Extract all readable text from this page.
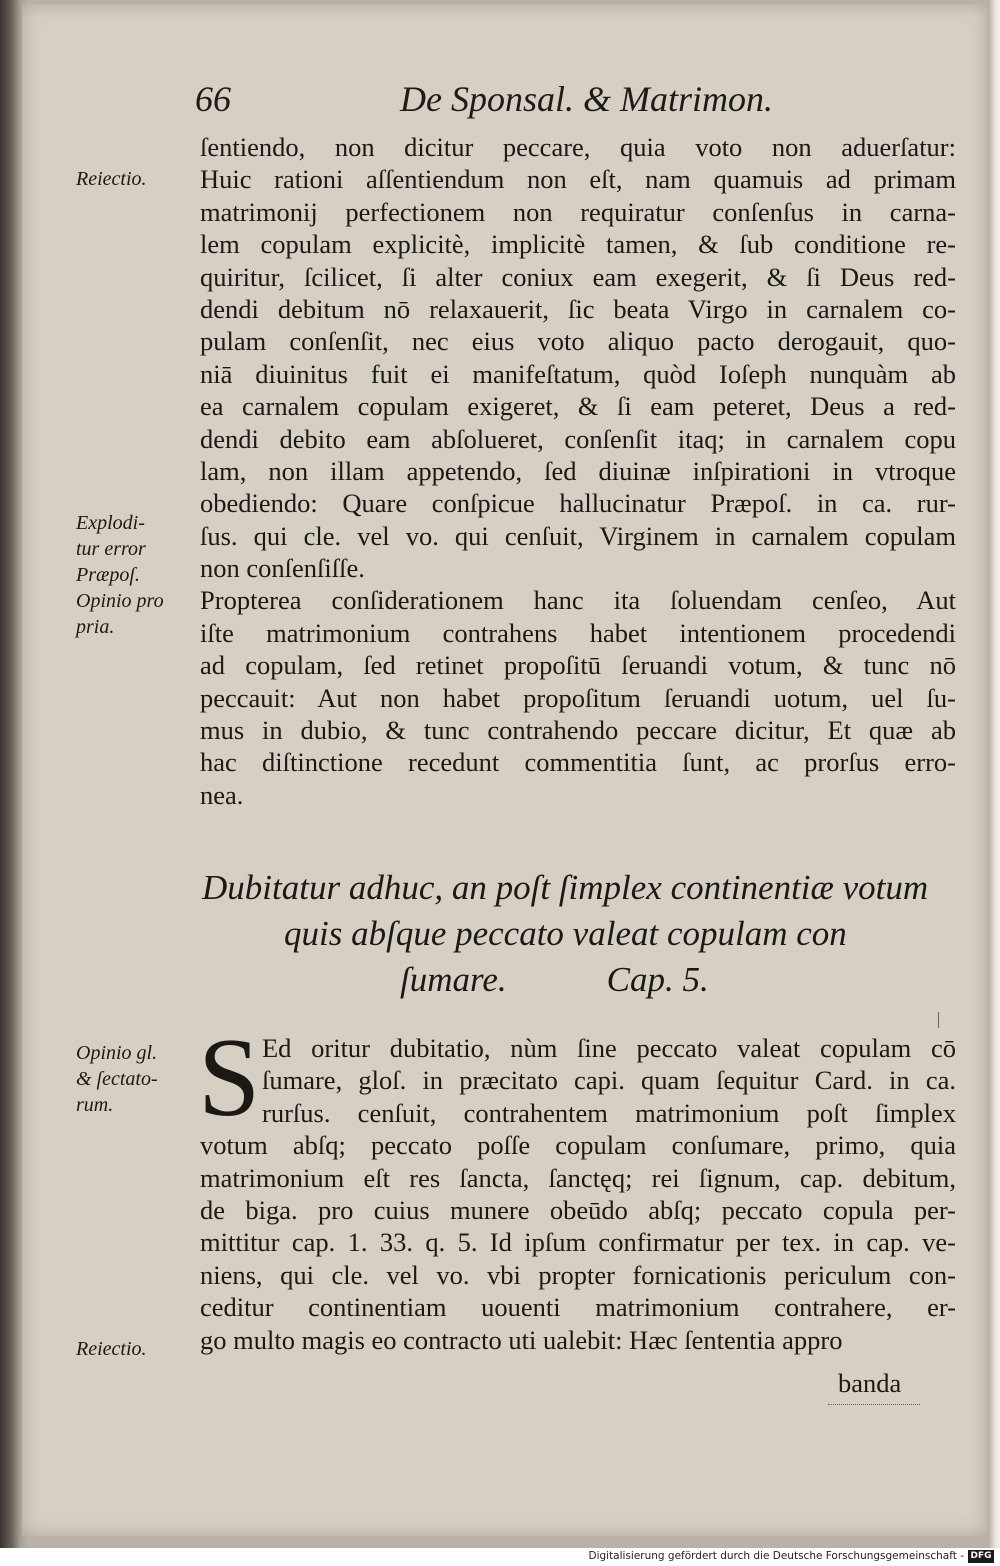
66	De Sponsal. & Matrimon.
ſentiendo, non dicitur peccare, quia voto non aduerſatur:
Huic rationi aſſentiendum non eſt, nam quamuis ad primam
matrimonij perfectionem non requiratur conſenſus in carna-
lem copulam explicitè, implicitè tamen, & ſub conditione re-
quiritur, ſcilicet, ſi alter coniux eam exegerit, & ſi Deus red-
dendi debitum nō relaxauerit, ſic beata Virgo in carnalem co-
pulam conſenſit, nec eius voto aliquo pacto derogauit, quo-
niā diuinitus fuit ei manifeſtatum, quòd Ioſeph nunquàm ab
ea carnalem copulam exigeret, & ſi eam peteret, Deus a red-
dendi debito eam abſolueret, conſenſit itaq; in carnalem copu
lam, non illam appetendo, ſed diuinæ inſpirationi in vtroque
obediendo: Quare conſpicue hallucinatur Præpoſ. in ca. rur-
ſus. qui cle. vel vo. qui cenſuit, Virginem in carnalem copulam
non conſenſiſſe.
Propterea conſiderationem hanc ita ſoluendam cenſeo, Aut
iſte matrimonium contrahens habet intentionem procedendi
ad copulam, ſed retinet propoſitū ſeruandi votum, & tunc nō
peccauit: Aut non habet propoſitum ſeruandi uotum, uel ſu-
mus in dubio, & tunc contrahendo peccare dicitur, Et quæ ab
hac diſtinctione recedunt commentitia ſunt, ac prorſus erro-
nea.
Reiectio.
Explodi-
tur error
Præpoſ.
Opinio pro
pria.
Opinio gl.
& ſectato-
rum.
Reiectio.
Dubitatur adhuc, an poſt ſimplex continentiæ votum
quis abſque peccato valeat copulam con
ſumare.	Cap. 5.
S Ed oritur dubitatio, nùm ſine peccato valeat copulam cō
ſumare, gloſ. in præcitato capi. quam ſequitur Card. in ca.
rurſus. cenſuit, contrahentem matrimonium poſt ſimplex
votum abſq; peccato poſſe copulam conſumare, primo, quia
matrimonium eſt res ſancta, ſanctęq; rei ſignum, cap. debitum,
de biga. pro cuius munere obeūdo abſq; peccato copula per-
mittitur cap. 1. 33. q. 5. Id ipſum confirmatur per tex. in cap. ve-
niens, qui cle. vel vo. vbi propter fornicationis periculum con-
ceditur continentiam uouenti matrimonium contrahere, er-
go multo magis eo contracto uti ualebit: Hæc ſententia appro
banda
Digitalisierung gefördert durch die Deutsche Forschungsgemeinschaft - DFG
